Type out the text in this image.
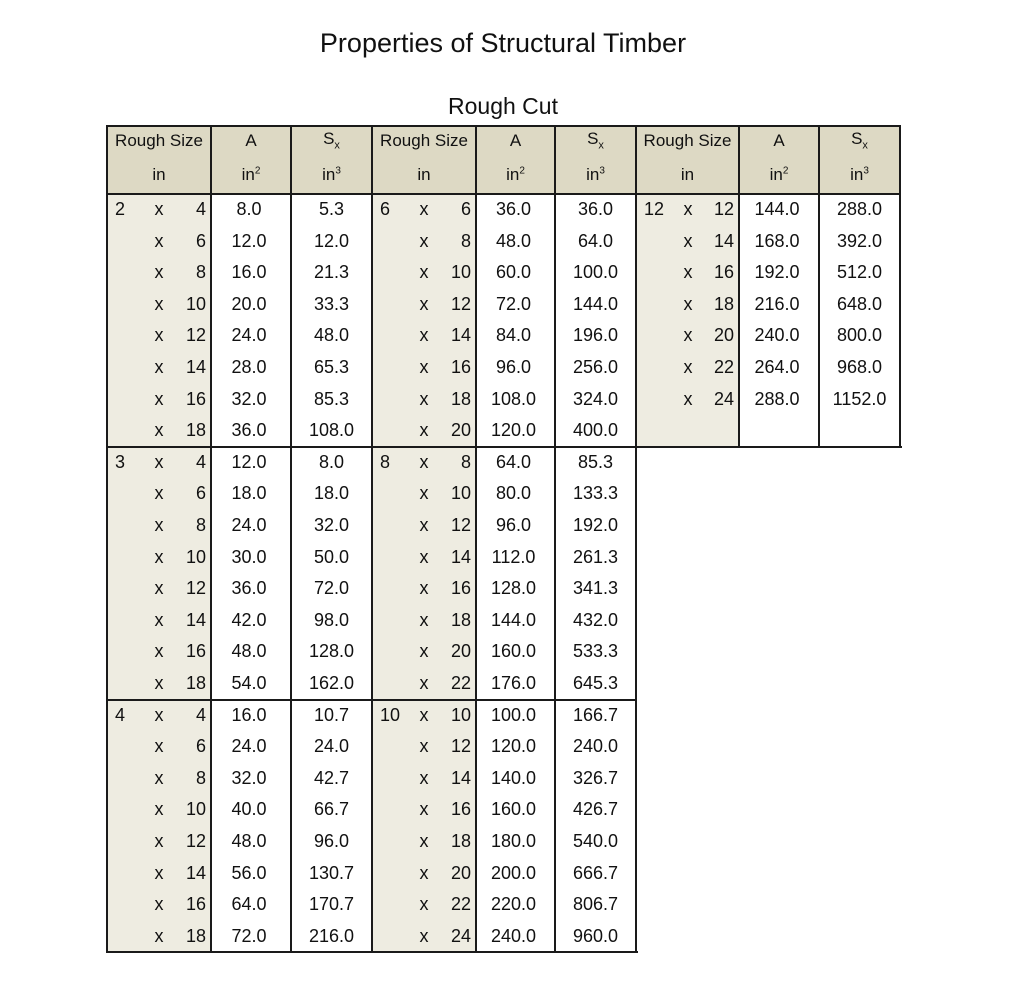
Properties of Structural Timber
Rough Cut
Rough Size	A	$S_x$
in	$in^2$	$in^3$
Rough Size	A	$S_x$
in	$in^2$	$in^3$
Rough Size	A	$S_x$
in	$in^2$	$in^3$
2	x	4	8.0	5.3
x	6	12.0	12.0
x	8	16.0	21.3
x	10	20.0	33.3
x	12	24.0	48.0
x	14	28.0	65.3
x	16	32.0	85.3
x	18	36.0	108.0
3	x	4	12.0	8.0
x	6	18.0	18.0
x	8	24.0	32.0
x	10	30.0	50.0
x	12	36.0	72.0
x	14	42.0	98.0
x	16	48.0	128.0
x	18	54.0	162.0
4	x	4	16.0	10.7
x	6	24.0	24.0
x	8	32.0	42.7
x	10	40.0	66.7
x	12	48.0	96.0
x	14	56.0	130.7
x	16	64.0	170.7
x	18	72.0	216.0
6	x	6	36.0	36.0
x	8	48.0	64.0
x	10	60.0	100.0
x	12	72.0	144.0
x	14	84.0	196.0
x	16	96.0	256.0
x	18	108.0	324.0
x	20	120.0	400.0
8	x	8	64.0	85.3
x	10	80.0	133.3
x	12	96.0	192.0
x	14	112.0	261.3
x	16	128.0	341.3
x	18	144.0	432.0
x	20	160.0	533.3
x	22	176.0	645.3
10	x	10	100.0	166.7
x	12	120.0	240.0
x	14	140.0	326.7
x	16	160.0	426.7
x	18	180.0	540.0
x	20	200.0	666.7
x	22	220.0	806.7
x	24	240.0	960.0
12	x	12	144.0	288.0
x	14	168.0	392.0
x	16	192.0	512.0
x	18	216.0	648.0
x	20	240.0	800.0
x	22	264.0	968.0
x	24	288.0	1152.0
